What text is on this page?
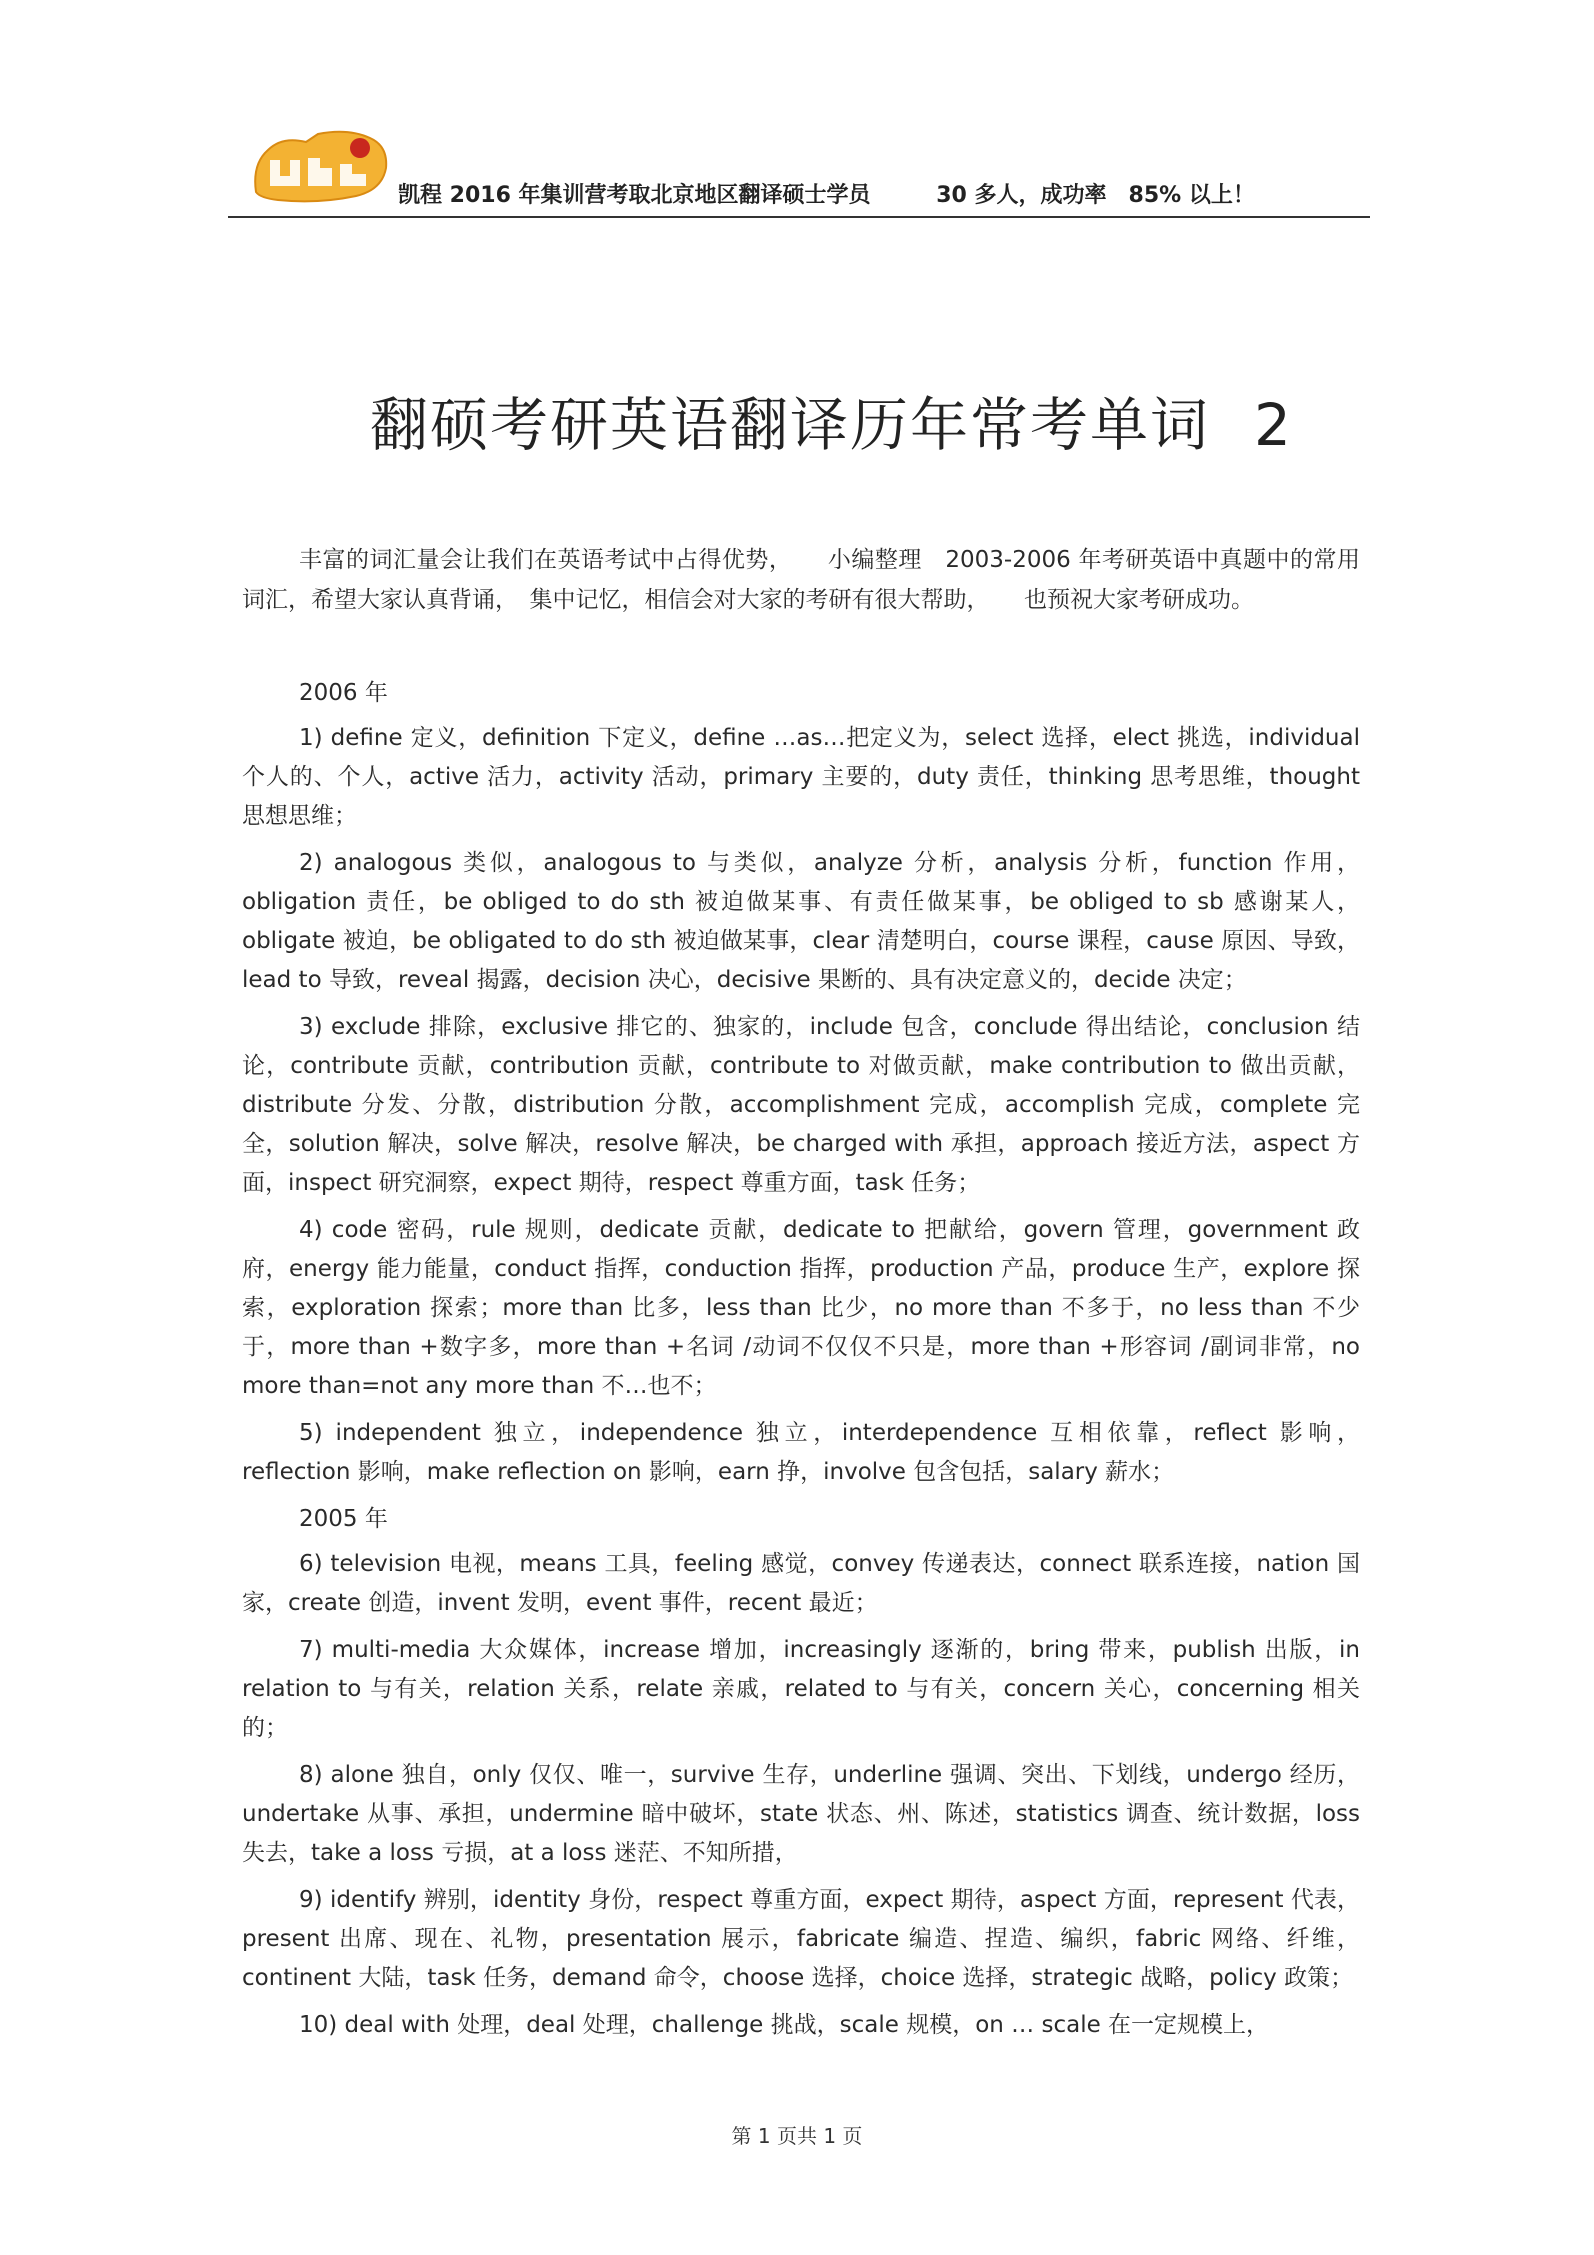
凯程 2016 年集训营考取北京地区翻译硕士学员	30 多人，成功率　85% 以上！
翻硕考研英语翻译历年常考单词 2

丰富的词汇量会让我们在英语考试中占得优势，　　小编整理　2003-2006 年考研英语中真题中的常用词汇，希望大家认真背诵，　集中记忆，相信会对大家的考研有很大帮助，　　也预祝大家考研成功。

2006 年

1) define 定义，definition 下定义，define …as…把定义为，select 选择，elect 挑选，individual 个人的、个人，active 活力，activity 活动，primary 主要的，duty 责任，thinking 思考思维，thought 思想思维；

2) analogous 类似，analogous to 与类似，analyze 分析，analysis 分析，function 作用，obligation 责任，be obliged to do sth 被迫做某事、有责任做某事，be obliged to sb 感谢某人，obligate 被迫，be obligated to do sth 被迫做某事，clear 清楚明白，course 课程，cause 原因、导致，lead to 导致，reveal 揭露，decision 决心，decisive 果断的、具有决定意义的，decide 决定；

3) exclude 排除，exclusive 排它的、独家的，include 包含，conclude 得出结论，conclusion 结论，contribute 贡献，contribution 贡献，contribute to 对做贡献，make contribution to 做出贡献，distribute 分发、分散，distribution 分散，accomplishment 完成，accomplish 完成，complete 完全，solution 解决，solve 解决，resolve 解决，be charged with 承担，approach 接近方法，aspect 方面，inspect 研究洞察，expect 期待，respect 尊重方面，task 任务；

4) code 密码，rule 规则，dedicate 贡献，dedicate to 把献给，govern 管理，government 政府，energy 能力能量，conduct 指挥，conduction 指挥，production 产品，produce 生产，explore 探索，exploration 探索；more than 比多，less than 比少，no more than 不多于，no less than 不少于，more than +数字多，more than +名词 /动词不仅仅不只是，more than +形容词 /副词非常，no more than=not any more than 不…也不；

5) independent 独立，independence 独立，interdependence 互相依靠，reflect 影响，reflection 影响，make reflection on 影响，earn 挣，involve 包含包括，salary 薪水；

2005 年

6) television 电视，means 工具，feeling 感觉，convey 传递表达，connect 联系连接，nation 国家，create 创造，invent 发明，event 事件，recent 最近；

7) multi-media 大众媒体，increase 增加，increasingly 逐渐的，bring 带来，publish 出版，in relation to 与有关，relation 关系，relate 亲戚，related to 与有关，concern 关心，concerning 相关的；

8) alone 独自，only 仅仅、唯一，survive 生存，underline 强调、突出、下划线，undergo 经历，undertake 从事、承担，undermine 暗中破坏，state 状态、州、陈述，statistics 调查、统计数据，loss 失去，take a loss 亏损，at a loss 迷茫、不知所措，

9) identify 辨别，identity 身份，respect 尊重方面，expect 期待，aspect 方面，represent 代表，present 出席、现在、礼物，presentation 展示，fabricate 编造、捏造、编织，fabric 网络、纤维，continent 大陆，task 任务，demand 命令，choose 选择，choice 选择，strategic 战略，policy 政策；

10) deal with 处理，deal 处理，challenge 挑战，scale 规模，on … scale 在一定规模上，

第 1 页共 1 页
